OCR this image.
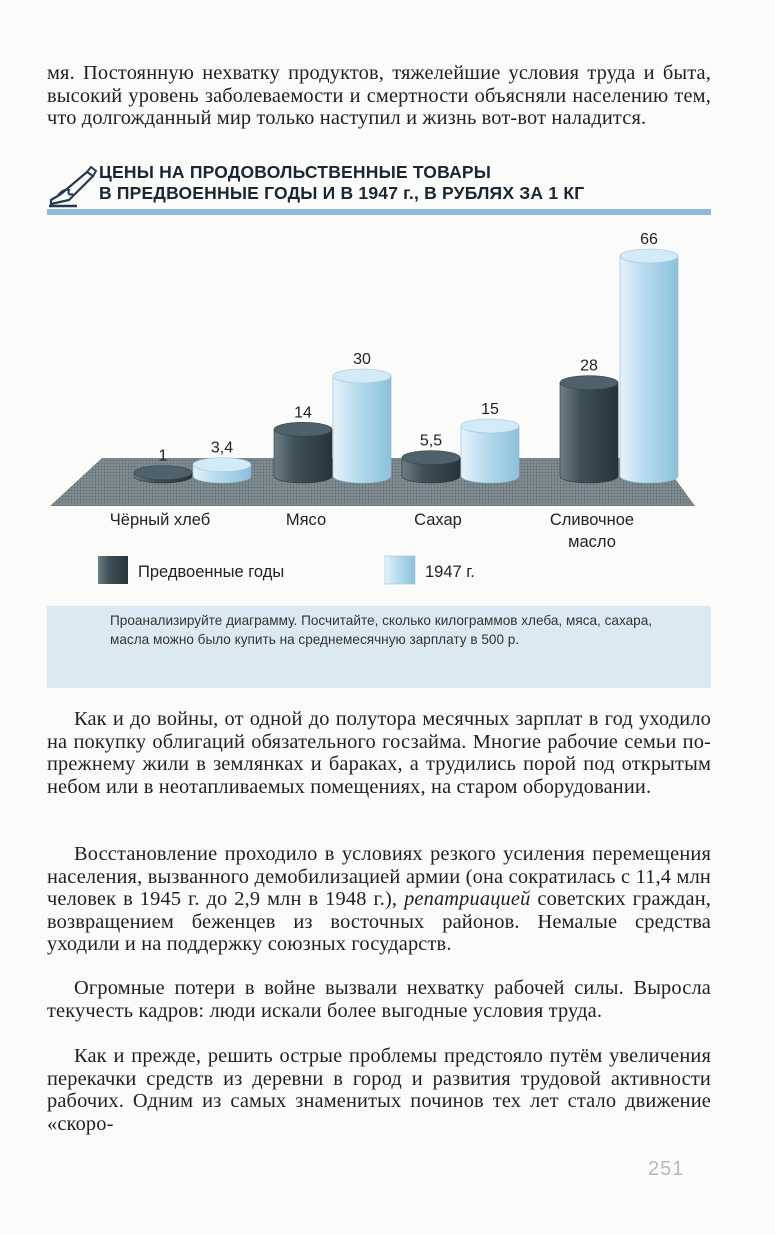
мя. Постоянную нехватку продуктов, тяжелейшие условия труда и быта, высокий уровень заболеваемости и смертности объясняли населению тем, что долгожданный мир только наступил и жизнь вот-вот наладится.
ЦЕНЫ НА ПРОДОВОЛЬСТВЕННЫЕ ТОВАРЫ
В ПРЕДВОЕННЫЕ ГОДЫ И В 1947 г., В РУБЛЯХ ЗА 1 КГ
1	3,4
14
30
5,5
15
28
66
Чёрный хлеб	Мясо	Сахар	Сливочное
масло
Предвоенные годы	1947 г.

Проанализируйте диаграмму. Посчитайте, сколько килограммов хлеба, мяса, сахара, масла можно было купить на среднемесячную зарплату в 500 р.

Как и до войны, от одной до полутора месячных зарплат в год уходило на покупку облигаций обязательного госзайма. Многие рабочие семьи по-прежнему жили в землянках и бараках, а трудились порой под открытым небом или в неотапливаемых помещениях, на старом оборудовании.
Восстановление проходило в условиях резкого усиления перемещения населения, вызванного демобилизацией армии (она сократилась с 11,4 млн человек в 1945 г. до 2,9 млн в 1948 г.), репатриацией советских граждан, возвращением беженцев из восточных районов. Немалые средства уходили и на поддержку союзных государств.
Огромные потери в войне вызвали нехватку рабочей силы. Выросла текучесть кадров: люди искали более выгодные условия труда.
Как и прежде, решить острые проблемы предстояло путём увеличения перекачки средств из деревни в город и развития трудовой активности рабочих. Одним из самых знаменитых починов тех лет стало движение «скоро-
251
